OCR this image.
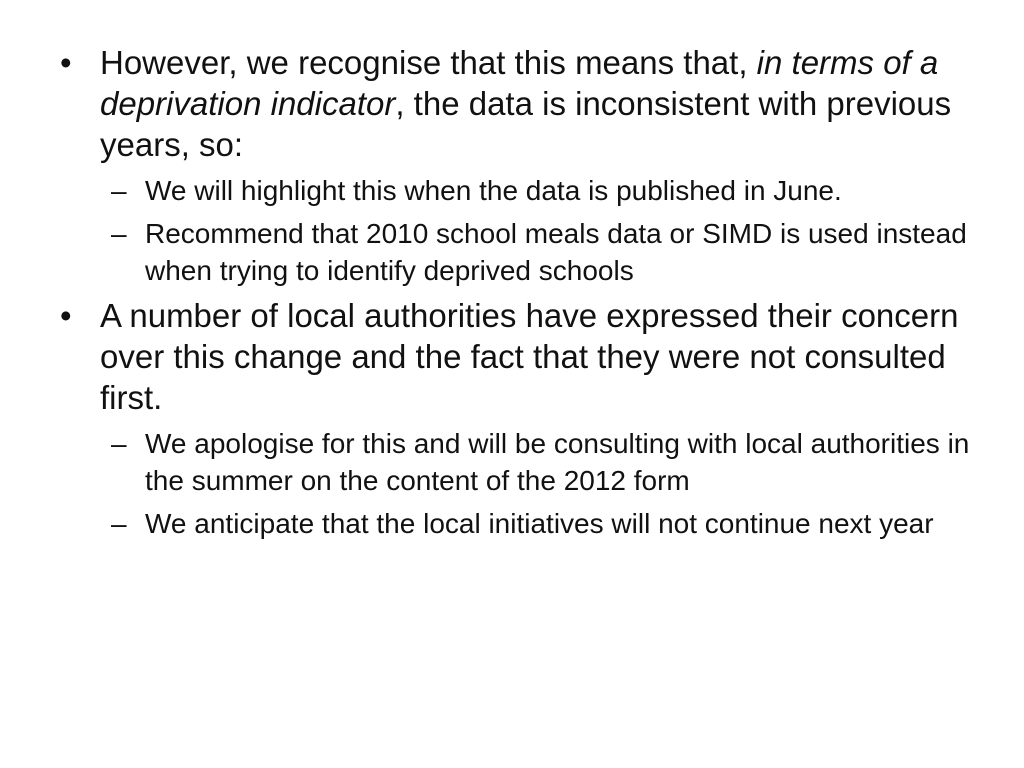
• However, we recognise that this means that, in terms of a deprivation indicator, the data is inconsistent with previous years, so:
– We will highlight this when the data is published in June.
– Recommend that 2010 school meals data or SIMD is used instead when trying to identify deprived schools
• A number of local authorities have expressed their concern over this change and the fact that they were not consulted first.
– We apologise for this and will be consulting with local authorities in the summer on the content of the 2012 form
– We anticipate that the local initiatives will not continue next year
